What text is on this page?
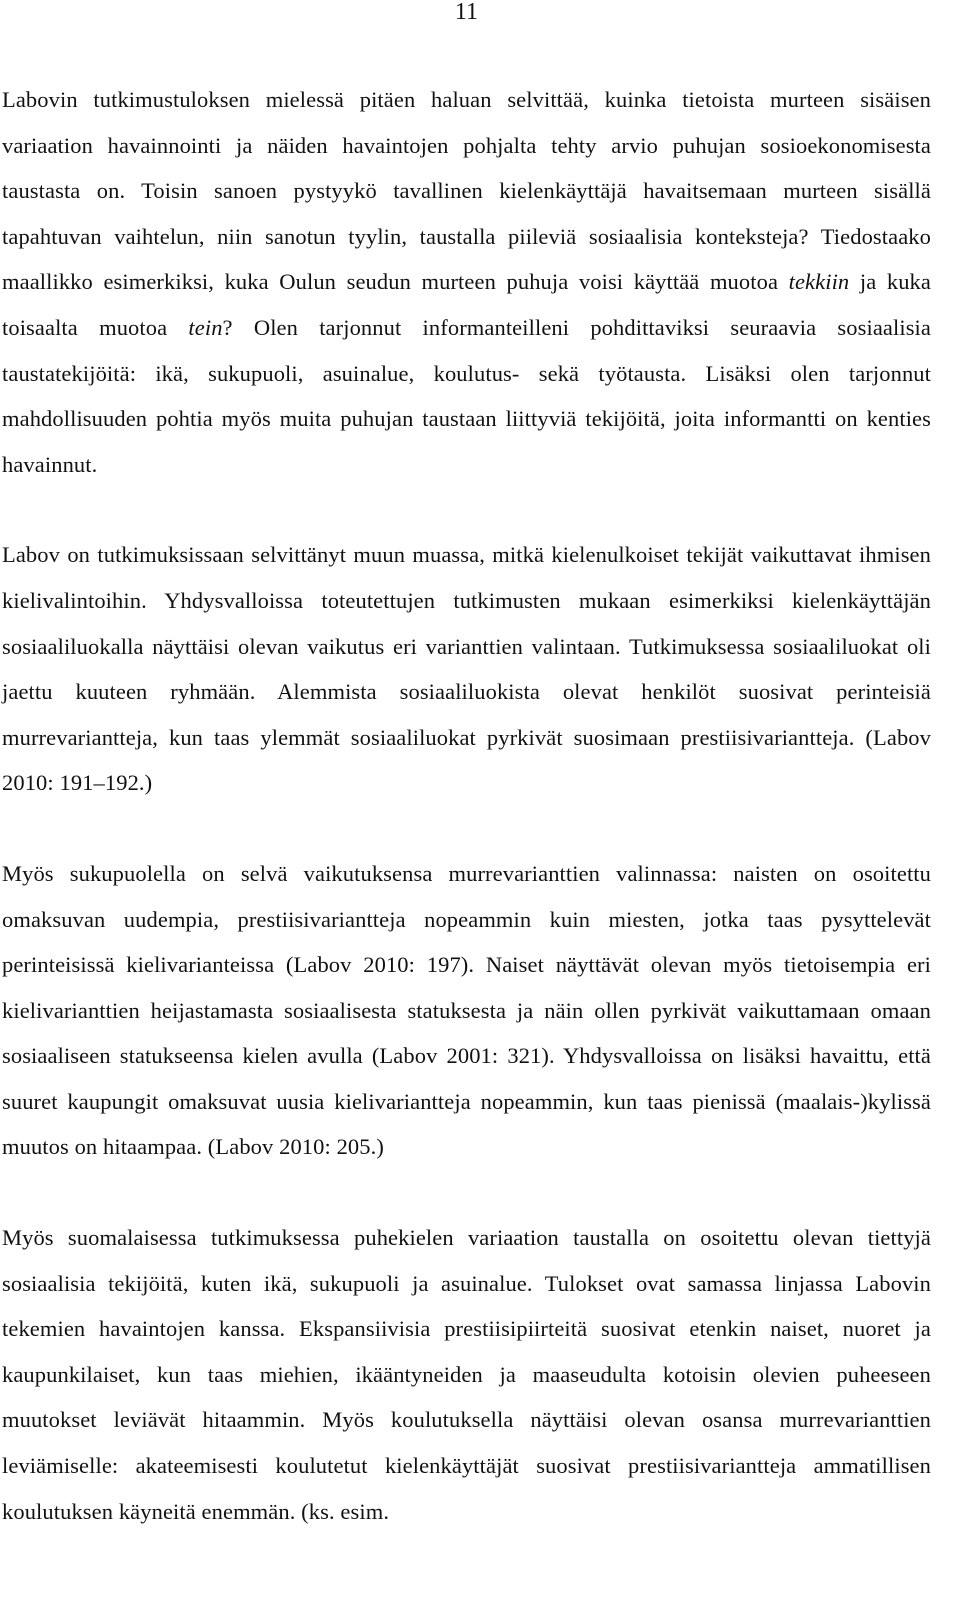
11

Labovin tutkimustuloksen mielessä pitäen haluan selvittää, kuinka tietoista murteen sisäisen variaation havainnointi ja näiden havaintojen pohjalta tehty arvio puhujan sosioekonomisesta taustasta on. Toisin sanoen pystyykö tavallinen kielenkäyttäjä havaitsemaan murteen sisällä tapahtuvan vaihtelun, niin sanotun tyylin, taustalla piileviä sosiaalisia konteksteja? Tiedostaako maallikko esimerkiksi, kuka Oulun seudun murteen puhuja voisi käyttää muotoa tekkiin ja kuka toisaalta muotoa tein? Olen tarjonnut informanteilleni pohdittaviksi seuraavia sosiaalisia taustatekijöitä: ikä, sukupuoli, asuinalue, koulutus- sekä työtausta. Lisäksi olen tarjonnut mahdollisuuden pohtia myös muita puhujan taustaan liittyviä tekijöitä, joita informantti on kenties havainnut.

Labov on tutkimuksissaan selvittänyt muun muassa, mitkä kielenulkoiset tekijät vaikuttavat ihmisen kielivalintoihin. Yhdysvalloissa toteutettujen tutkimusten mukaan esimerkiksi kielenkäyttäjän sosiaaliluokalla näyttäisi olevan vaikutus eri varianttien valintaan. Tutkimuksessa sosiaaliluokat oli jaettu kuuteen ryhmään. Alemmista sosiaaliluokista olevat henkilöt suosivat perinteisiä murrevariantteja, kun taas ylemmät sosiaaliluokat pyrkivät suosimaan prestiisivariantteja. (Labov 2010: 191–192.)

Myös sukupuolella on selvä vaikutuksensa murrevarianttien valinnassa: naisten on osoitettu omaksuvan uudempia, prestiisivariantteja nopeammin kuin miesten, jotka taas pysyttelevät perinteisissä kielivarianteissa (Labov 2010: 197). Naiset näyttävät olevan myös tietoisempia eri kielivarianttien heijastamasta sosiaalisesta statuksesta ja näin ollen pyrkivät vaikuttamaan omaan sosiaaliseen statukseensa kielen avulla (Labov 2001: 321). Yhdysvalloissa on lisäksi havaittu, että suuret kaupungit omaksuvat uusia kielivariantteja nopeammin, kun taas pienissä (maalais-)kylissä muutos on hitaampaa. (Labov 2010: 205.)

Myös suomalaisessa tutkimuksessa puhekielen variaation taustalla on osoitettu olevan tiettyjä sosiaalisia tekijöitä, kuten ikä, sukupuoli ja asuinalue. Tulokset ovat samassa linjassa Labovin tekemien havaintojen kanssa. Ekspansiivisia prestiisipiirteitä suosivat etenkin naiset, nuoret ja kaupunkilaiset, kun taas miehien, ikääntyneiden ja maaseudulta kotoisin olevien puheeseen muutokset leviävät hitaammin. Myös koulutuksella näyttäisi olevan osansa murrevarianttien leviämiselle: akateemisesti koulutetut kielenkäyttäjät suosivat prestiisivariantteja ammatillisen koulutuksen käyneitä enemmän. (ks. esim.
